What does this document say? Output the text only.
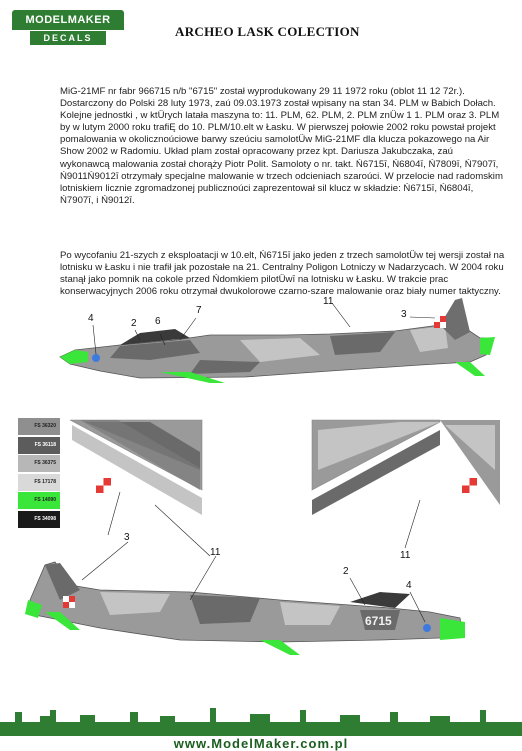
MODELMAKER
DECALS	ARCHEO LASK COLECTION

MiG-21MF nr fabr 966715 n/b "6715" został wyprodukowany 29 11 1972 roku (oblot 11 12 72r.). Dostarczony do Polski 28 luty 1973, zaú 09.03.1973 został wpisany na stan 34. PLM w Babich Dołach. Kolejne jednostki , w ktÜrych latała maszyna to: 11. PLM, 62. PLM, 2. PLM znÜw 1 1. PLM oraz 3. PLM by w lutym 2000 roku trafiĘ do 10. PLM/10.elt w Łasku. W pierwszej połowie 2002 roku powstał projekt pomalowania w okolicznoúciowe barwy szeúciu samolotÜw MiG-21MF dla klucza pokazowego na Air Show 2002 w Radomiu. Układ plam został opracowany przez kpt. Dariusza Jakubczaka, zaú wykonawcą malowania został chorąży Piotr Polit. Samoloty o nr. takt. Ń6715ī, Ń6804ī, Ń7809ī, Ń7907ī, Ń9011Ń9012ī otrzymały specjalne malowanie w trzech odcieniach szaroúci. W przelocie nad radomskim lotniskiem licznie zgromadzonej publicznoúci zaprezentował sil klucz w składzie: Ń6715ī, Ń6804ī, Ń7907ī, i Ń9012ī.

Po wycofaniu 21-szych z eksploatacji w 10.elt, Ń6715ī jako jeden z trzech samolotÜw tej wersji został na lotnisku w Łasku i nie trafił jak pozostałe na 21. Centralny Poligon Lotniczy w Nadarzycach. W 2004 roku stanął jako pomnik na cokole przed Ńdomkiem pilotÜwī na lotnisku w Łasku. W trakcie prac konserwacyjnych 2006 roku otrzymał dwukolorowe czarno-szare malowanie oraz biały numer taktyczny.

4	2 6
7
11
3
3
11	11
2
4
6715
FS 36320
FS 36118
FS 36375
FS 17178
FS 14090
FS 34098
www.ModelMaker.com.pl
